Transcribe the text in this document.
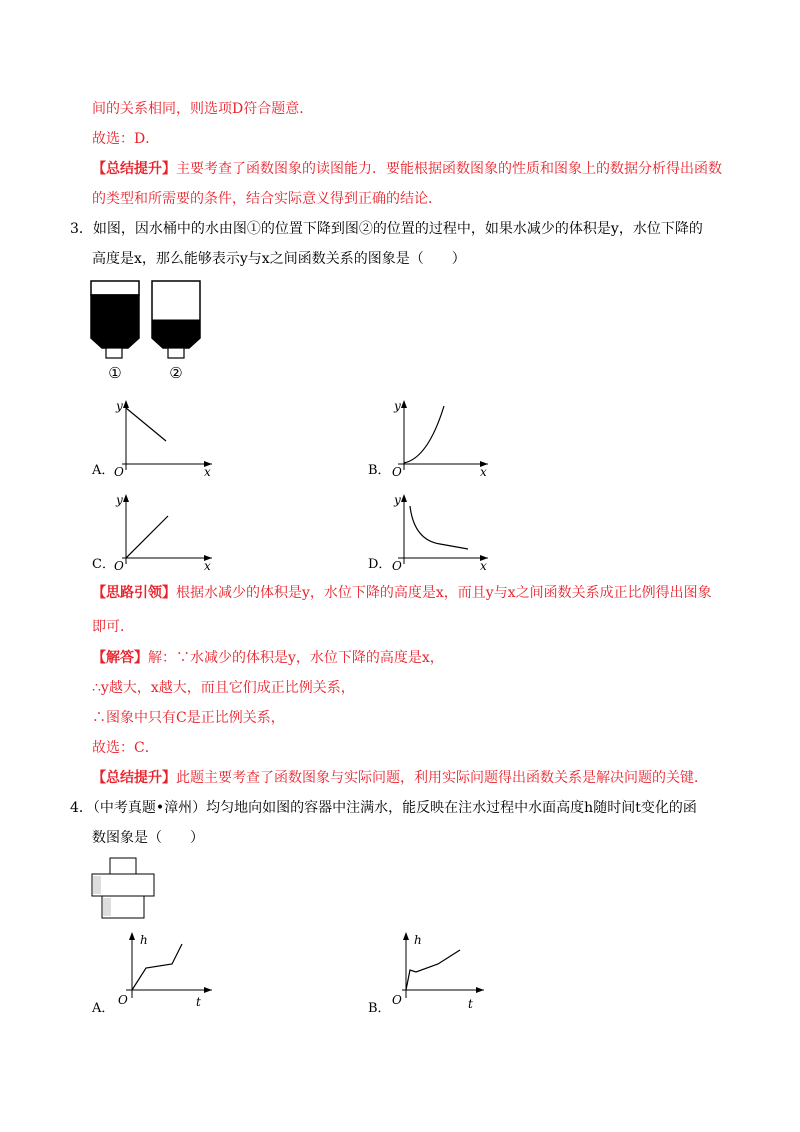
间的关系相同，则选项D符合题意．
故选：D．
【总结提升】主要考查了函数图象的读图能力．要能根据函数图象的性质和图象上的数据分析得出函数
的类型和所需要的条件，结合实际意义得到正确的结论．
3．如图，因水桶中的水由图①的位置下降到图②的位置的过程中，如果水减少的体积是y，水位下降的
高度是x，那么能够表示y与x之间函数关系的图象是（　　）
①	②
A． O
y
x	B． O
y
x
C． O
y
x	D． O
y
x
【思路引领】根据水减少的体积是y，水位下降的高度是x，而且y与x之间函数关系成正比例得出图象
即可．
【解答】解：∵水减少的体积是y，水位下降的高度是x，
∴y越大，x越大，而且它们成正比例关系，
∴图象中只有C是正比例关系，
故选：C．
【总结提升】此题主要考查了函数图象与实际问题，利用实际问题得出函数关系是解决问题的关键．
4．（中考真题•漳州）均匀地向如图的容器中注满水，能反映在注水过程中水面高度h随时间t变化的函
数图象是（　　）
A．
O
h
t	B．
O
h
t
